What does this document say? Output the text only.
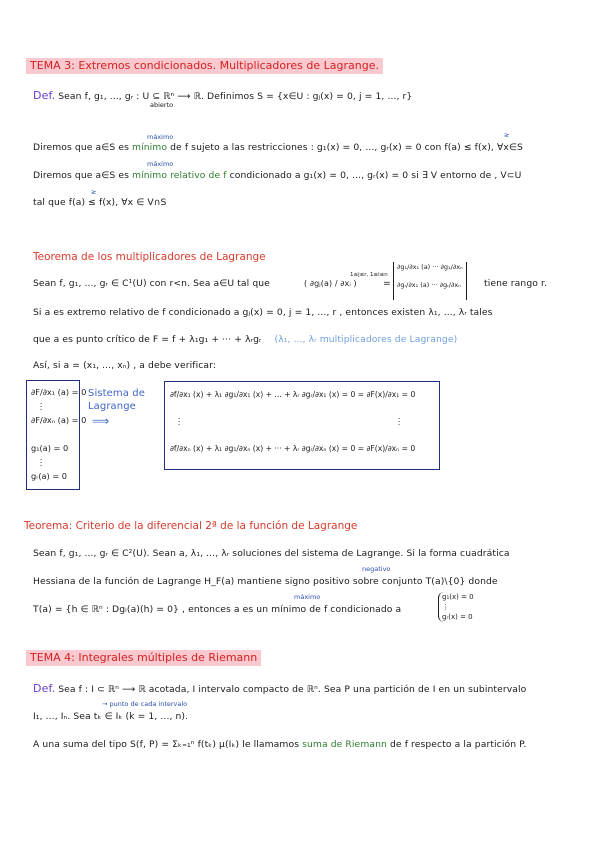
TEMA 3: Extremos condicionados. Multiplicadores de Lagrange.
Def. Sean f, g₁, ..., gᵣ : U ⊆ ℝⁿ ⟶ ℝ. Definimos S = {x∈U : gⱼ(x) = 0, j = 1, ..., r}
abierto
máximo	≥
Diremos que a∈S es mínimo de f sujeto a las restricciones : g₁(x) = 0, ..., gᵣ(x) = 0 con f(a) ≤ f(x), ∀x∈S
máximo
Diremos que a∈S es mínimo relativo de f condicionado a g₁(x) = 0, ..., gᵣ(x) = 0 si ∃ V entorno de , V⊂U
≥
tal que f(a) ≤ f(x), ∀x ∈ V∩S
Teorema de los multiplicadores de Lagrange
Sean f, g₁, ..., gᵣ ∈ C¹(U) con r<n. Sea a∈U tal que	( ∂gⱼ(a) / ∂xᵢ )
1≤j≤r, 1≤i≤n
=
∂g₁/∂x₁ (a) ··· ∂g₁/∂xₙ
∂gᵣ/∂x₁ (a) ··· ∂gᵣ/∂xₙ	tiene rango r.
Si a es extremo relativo de f condicionado a gⱼ(x) = 0, j = 1, ..., r , entonces existen λ₁, ..., λᵣ tales
que a es punto crítico de F = f + λ₁g₁ + ··· + λᵣgᵣ (λ₁, ..., λᵣ multiplicadores de Lagrange)
Así, si a = (x₁, ..., xₙ) , a debe verificar:
∂F/∂x₁ (a) = 0
⋮
∂F/∂xₙ (a) = 0
g₁(a) = 0
⋮
gᵣ(a) = 0
Sistema de
Lagrange
⟹
∂f/∂x₁ (x) + λ₁ ∂g₁/∂x₁ (x) + ... + λᵣ ∂gᵣ/∂x₁ (x) = 0 = ∂F(x)/∂x₁ = 0
⋮	⋮
∂f/∂xₙ (x) + λ₁ ∂g₁/∂xₙ (x) + ··· + λᵣ ∂gᵣ/∂xₙ (x) = 0 = ∂F(x)/∂xₙ = 0
Teorema: Criterio de la diferencial 2ª de la función de Lagrange
Sean f, g₁, ..., gᵣ ∈ C²(U). Sean a, λ₁, ..., λᵣ soluciones del sistema de Lagrange. Si la forma cuadrática
negativo
Hessiana de la función de Lagrange H_F(a) mantiene signo positivo sobre conjunto T(a)\{0} donde
máximo
T(a) = {h ∈ ℝⁿ : Dgᵢ(a)(h) = 0} , entonces a es un mínimo de f condicionado a
g₁(x) = 0
⋮
gᵣ(x) = 0
TEMA 4: Integrales múltiples de Riemann
Def. Sea f : I ⊂ ℝⁿ ⟶ ℝ acotada, I intervalo compacto de ℝⁿ. Sea P una partición de I en un subintervalo
→ punto de cada intervalo
I₁, ..., Iₙ. Sea tₖ ∈ Iₖ (k = 1, ..., n).
A una suma del tipo S(f, P) = Σₖ₌₁ⁿ f(tₖ) μ(Iₖ) le llamamos suma de Riemann de f respecto a la partición P.
